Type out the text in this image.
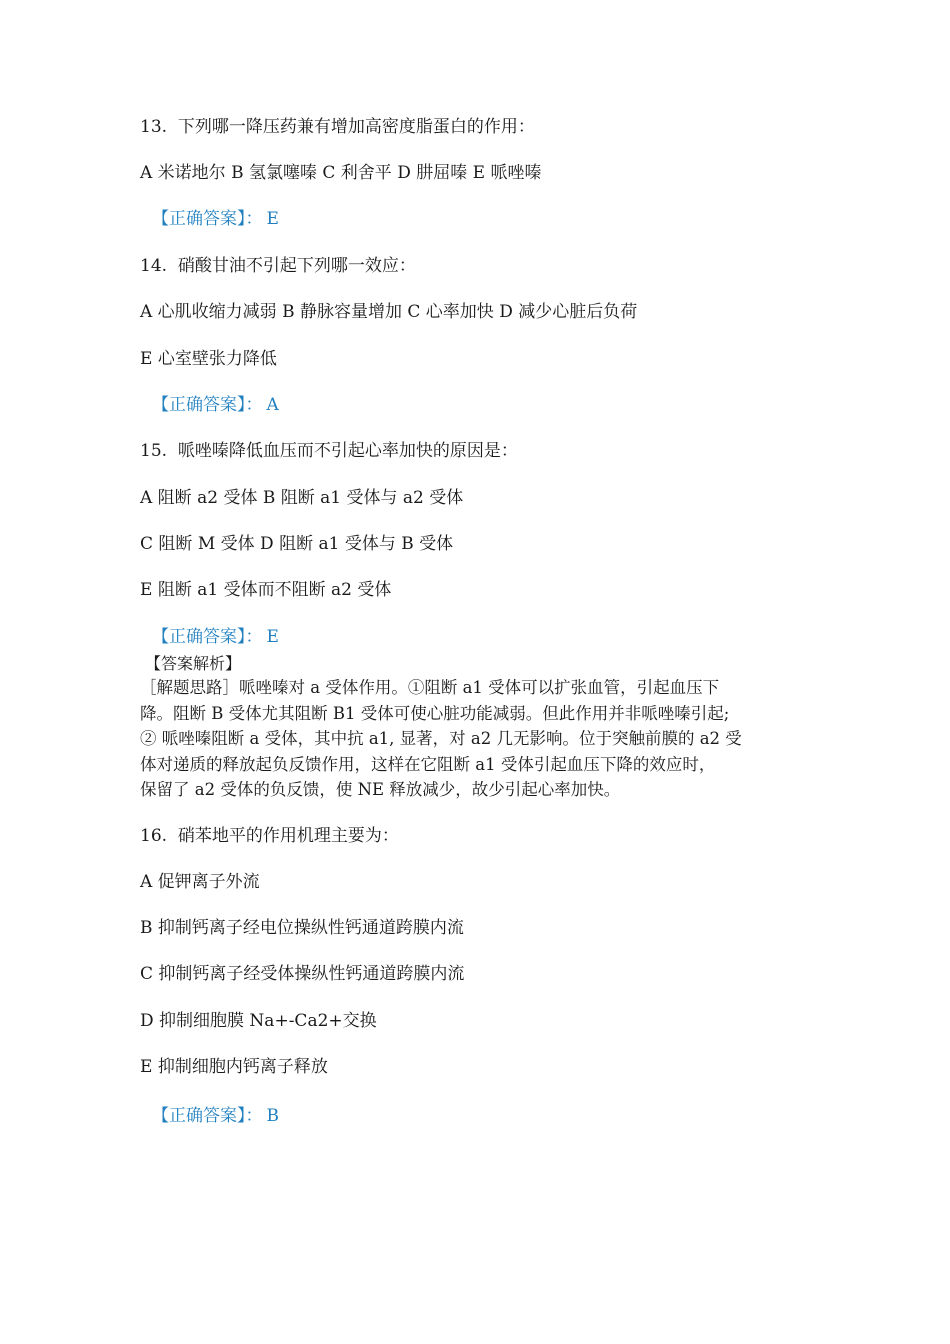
13. 下列哪一降压药兼有增加高密度脂蛋白的作用：
A 米诺地尔 B 氢氯噻嗪 C 利舍平 D 肼屈嗪 E 哌唑嗪
【正确答案】： E
14. 硝酸甘油不引起下列哪一效应：
A 心肌收缩力减弱 B 静脉容量增加 C 心率加快 D 减少心脏后负荷
E 心室壁张力降低
【正确答案】： A
15. 哌唑嗪降低血压而不引起心率加快的原因是：
A 阻断 a2 受体 B 阻断 a1 受体与 a2 受体
C 阻断 M 受体 D 阻断 a1 受体与 B 受体
E 阻断 a1 受体而不阻断 a2 受体
【正确答案】： E
【答案解析】
［解题思路］哌唑嗪对 a 受体作用。①阻断 a1 受体可以扩张血管，引起血压下
降。阻断 B 受体尤其阻断 B1 受体可使心脏功能减弱。但此作用并非哌唑嗪引起;
② 哌唑嗪阻断 a 受体，其中抗 a1, 显著，对 a2 几无影响。位于突触前膜的 a2 受
体对递质的释放起负反馈作用，这样在它阻断 a1 受体引起血压下降的效应时，
保留了 a2 受体的负反馈，使 NE 释放减少，故少引起心率加快。
16. 硝苯地平的作用机理主要为：
A 促钾离子外流
B 抑制钙离子经电位操纵性钙通道跨膜内流
C 抑制钙离子经受体操纵性钙通道跨膜内流
D 抑制细胞膜 Na+-Ca2+交换
E 抑制细胞内钙离子释放
【正确答案】： B
